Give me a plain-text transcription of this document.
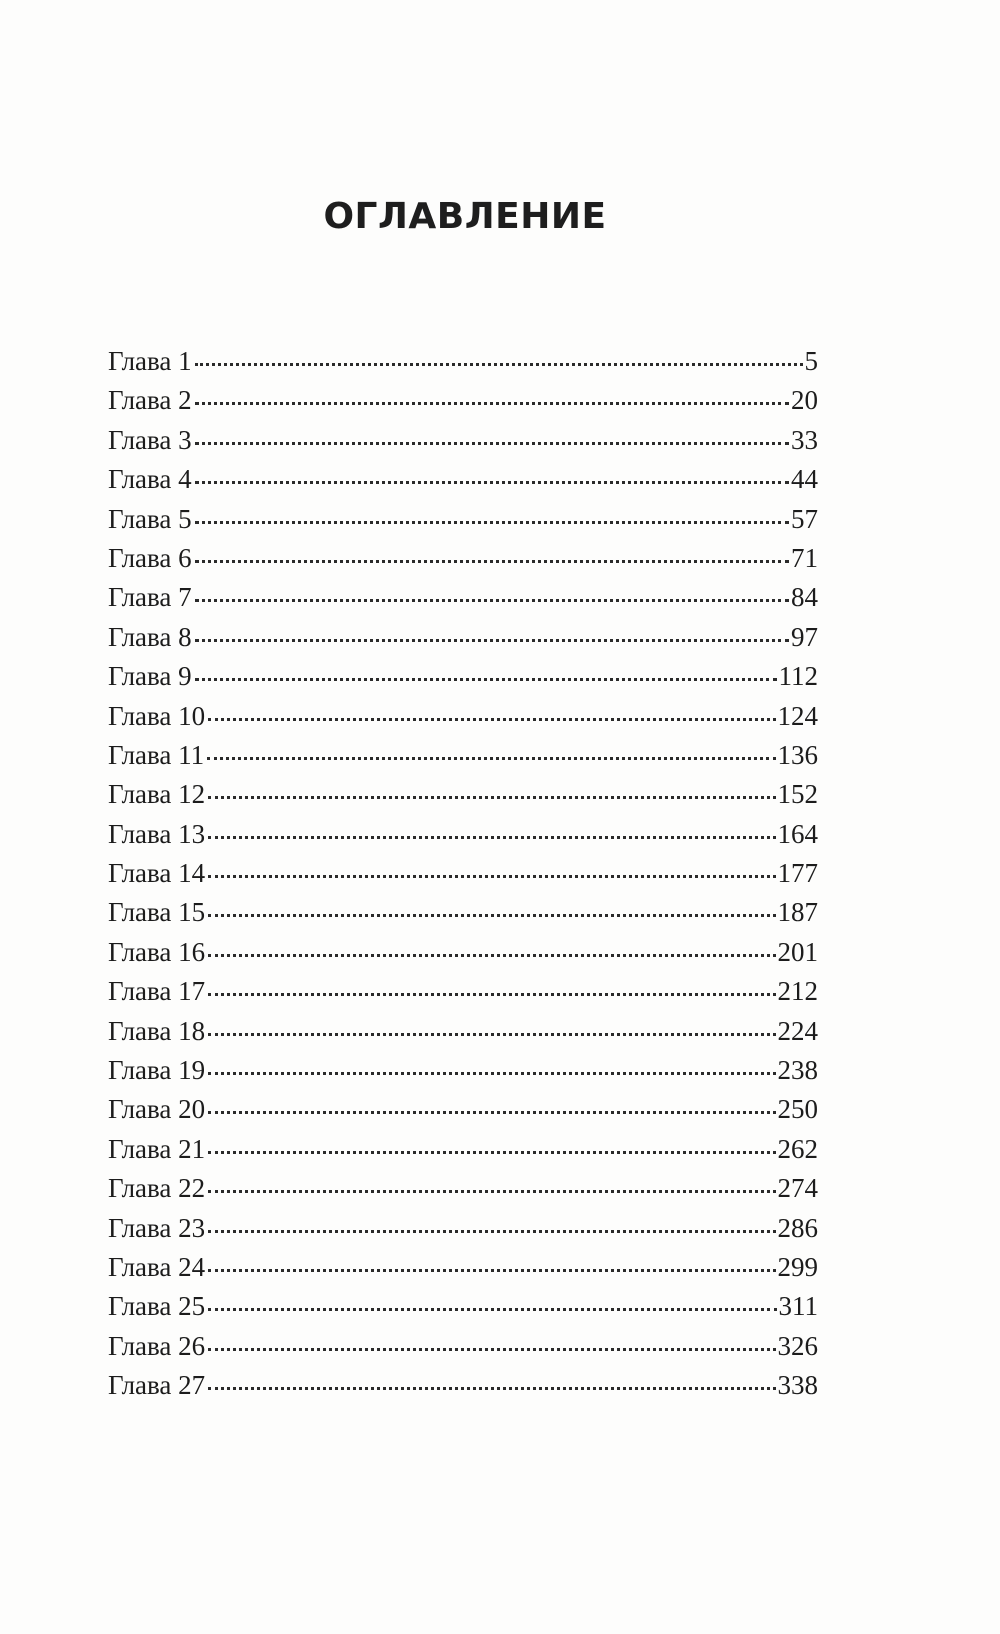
ОГЛАВЛЕНИЕ
Глава 1	5
Глава 2	20
Глава 3	33
Глава 4	44
Глава 5	57
Глава 6	71
Глава 7	84
Глава 8	97
Глава 9	112
Глава 10	124
Глава 11	136
Глава 12	152
Глава 13	164
Глава 14	177
Глава 15	187
Глава 16	201
Глава 17	212
Глава 18	224
Глава 19	238
Глава 20	250
Глава 21	262
Глава 22	274
Глава 23	286
Глава 24	299
Глава 25	311
Глава 26	326
Глава 27	338
